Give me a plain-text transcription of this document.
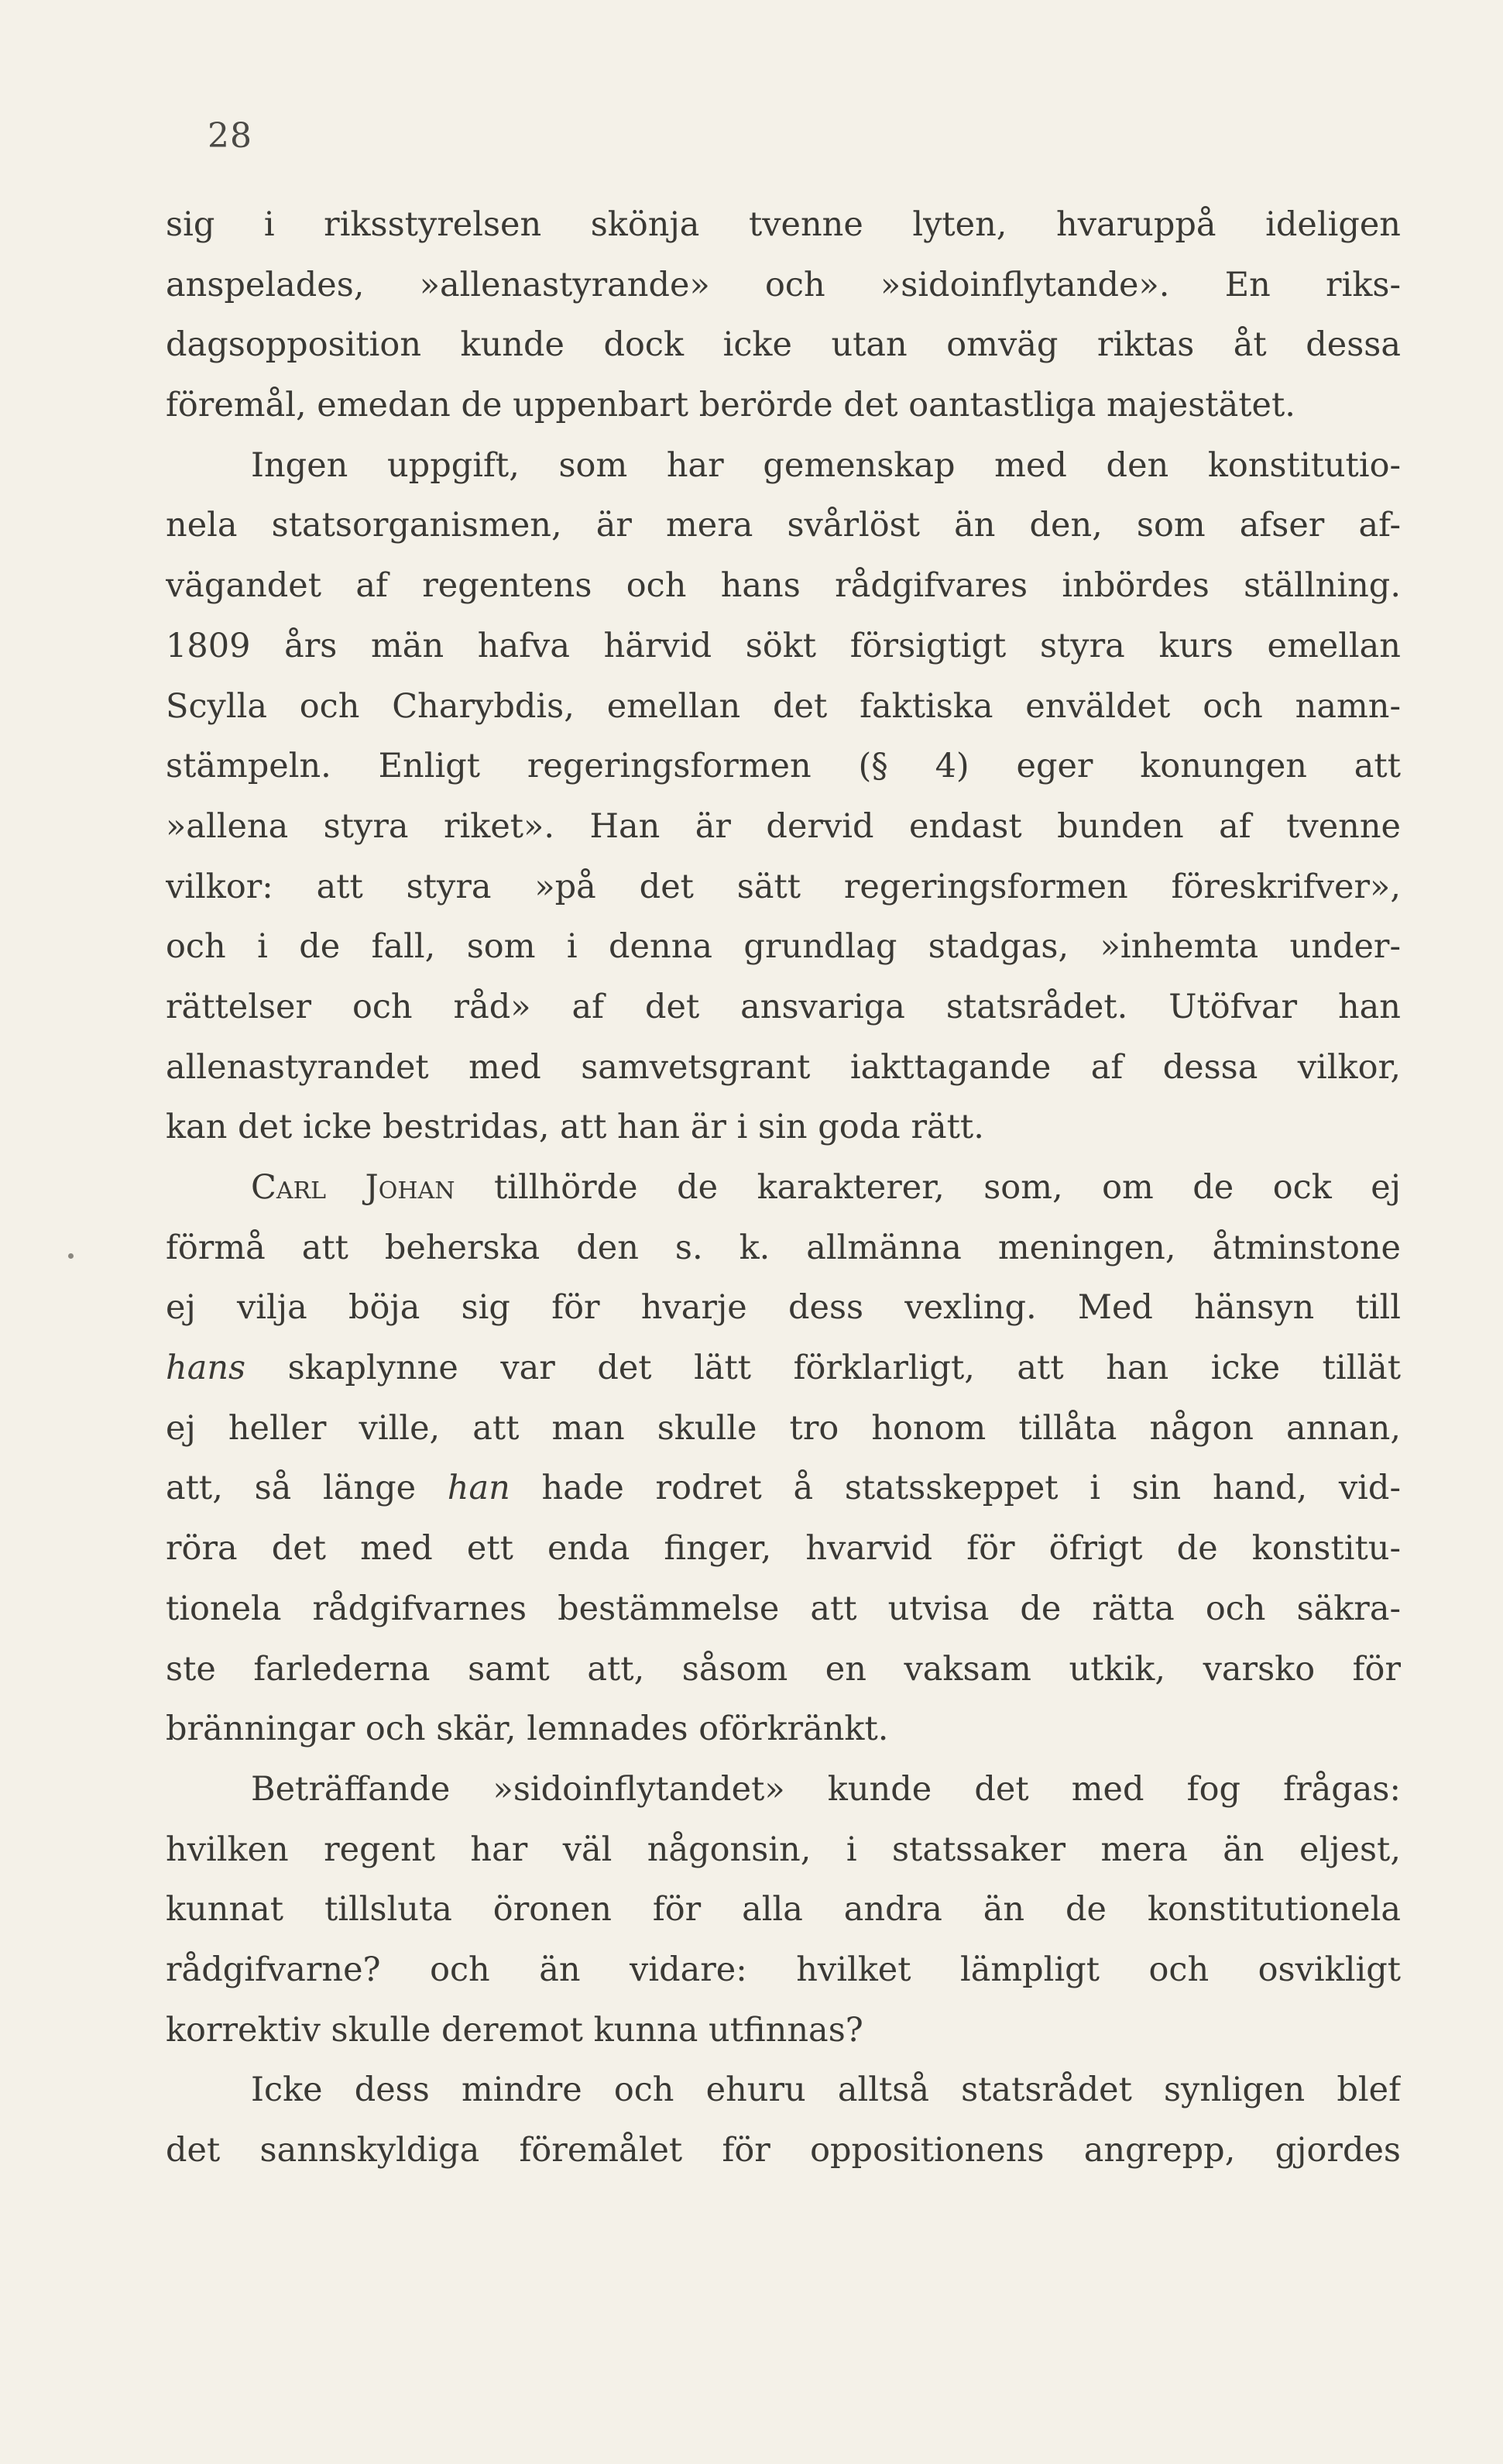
28
sig i riksstyrelsen skönja tvenne lyten, hvaruppå ideligen
anspelades, »allenastyrande» och »sidoinflytande». En riks-
dagsopposition kunde dock icke utan omväg riktas åt dessa
föremål, emedan de uppenbart berörde det oantastliga majestätet.
Ingen uppgift, som har gemenskap med den konstitutio-
nela statsorganismen, är mera svårlöst än den, som afser af-
vägandet af regentens och hans rådgifvares inbördes ställning.
1809 års män hafva härvid sökt försigtigt styra kurs emellan
Scylla och Charybdis, emellan det faktiska enväldet och namn-
stämpeln. Enligt regeringsformen (§ 4) eger konungen att
»allena styra riket». Han är dervid endast bunden af tvenne
vilkor: att styra »på det sätt regeringsformen föreskrifver»,
och i de fall, som i denna grundlag stadgas, »inhemta under-
rättelser och råd» af det ansvariga statsrådet. Utöfvar han
allenastyrandet med samvetsgrant iakttagande af dessa vilkor,
kan det icke bestridas, att han är i sin goda rätt.
Carl Johan tillhörde de karakterer, som, om de ock ej
förmå att beherska den s. k. allmänna meningen, åtminstone
ej vilja böja sig för hvarje dess vexling. Med hänsyn till
hans skaplynne var det lätt förklarligt, att han icke tillät
ej heller ville, att man skulle tro honom tillåta någon annan,
att, så länge han hade rodret å statsskeppet i sin hand, vid-
röra det med ett enda finger, hvarvid för öfrigt de konstitu-
tionela rådgifvarnes bestämmelse att utvisa de rätta och säkra-
ste farlederna samt att, såsom en vaksam utkik, varsko för
bränningar och skär, lemnades oförkränkt.
Beträffande »sidoinflytandet» kunde det med fog frågas:
hvilken regent har väl någonsin, i statssaker mera än eljest,
kunnat tillsluta öronen för alla andra än de konstitutionela
rådgifvarne? och än vidare: hvilket lämpligt och osvikligt
korrektiv skulle deremot kunna utfinnas?
Icke dess mindre och ehuru alltså statsrådet synligen blef
det sannskyldiga föremålet för oppositionens angrepp, gjordes
